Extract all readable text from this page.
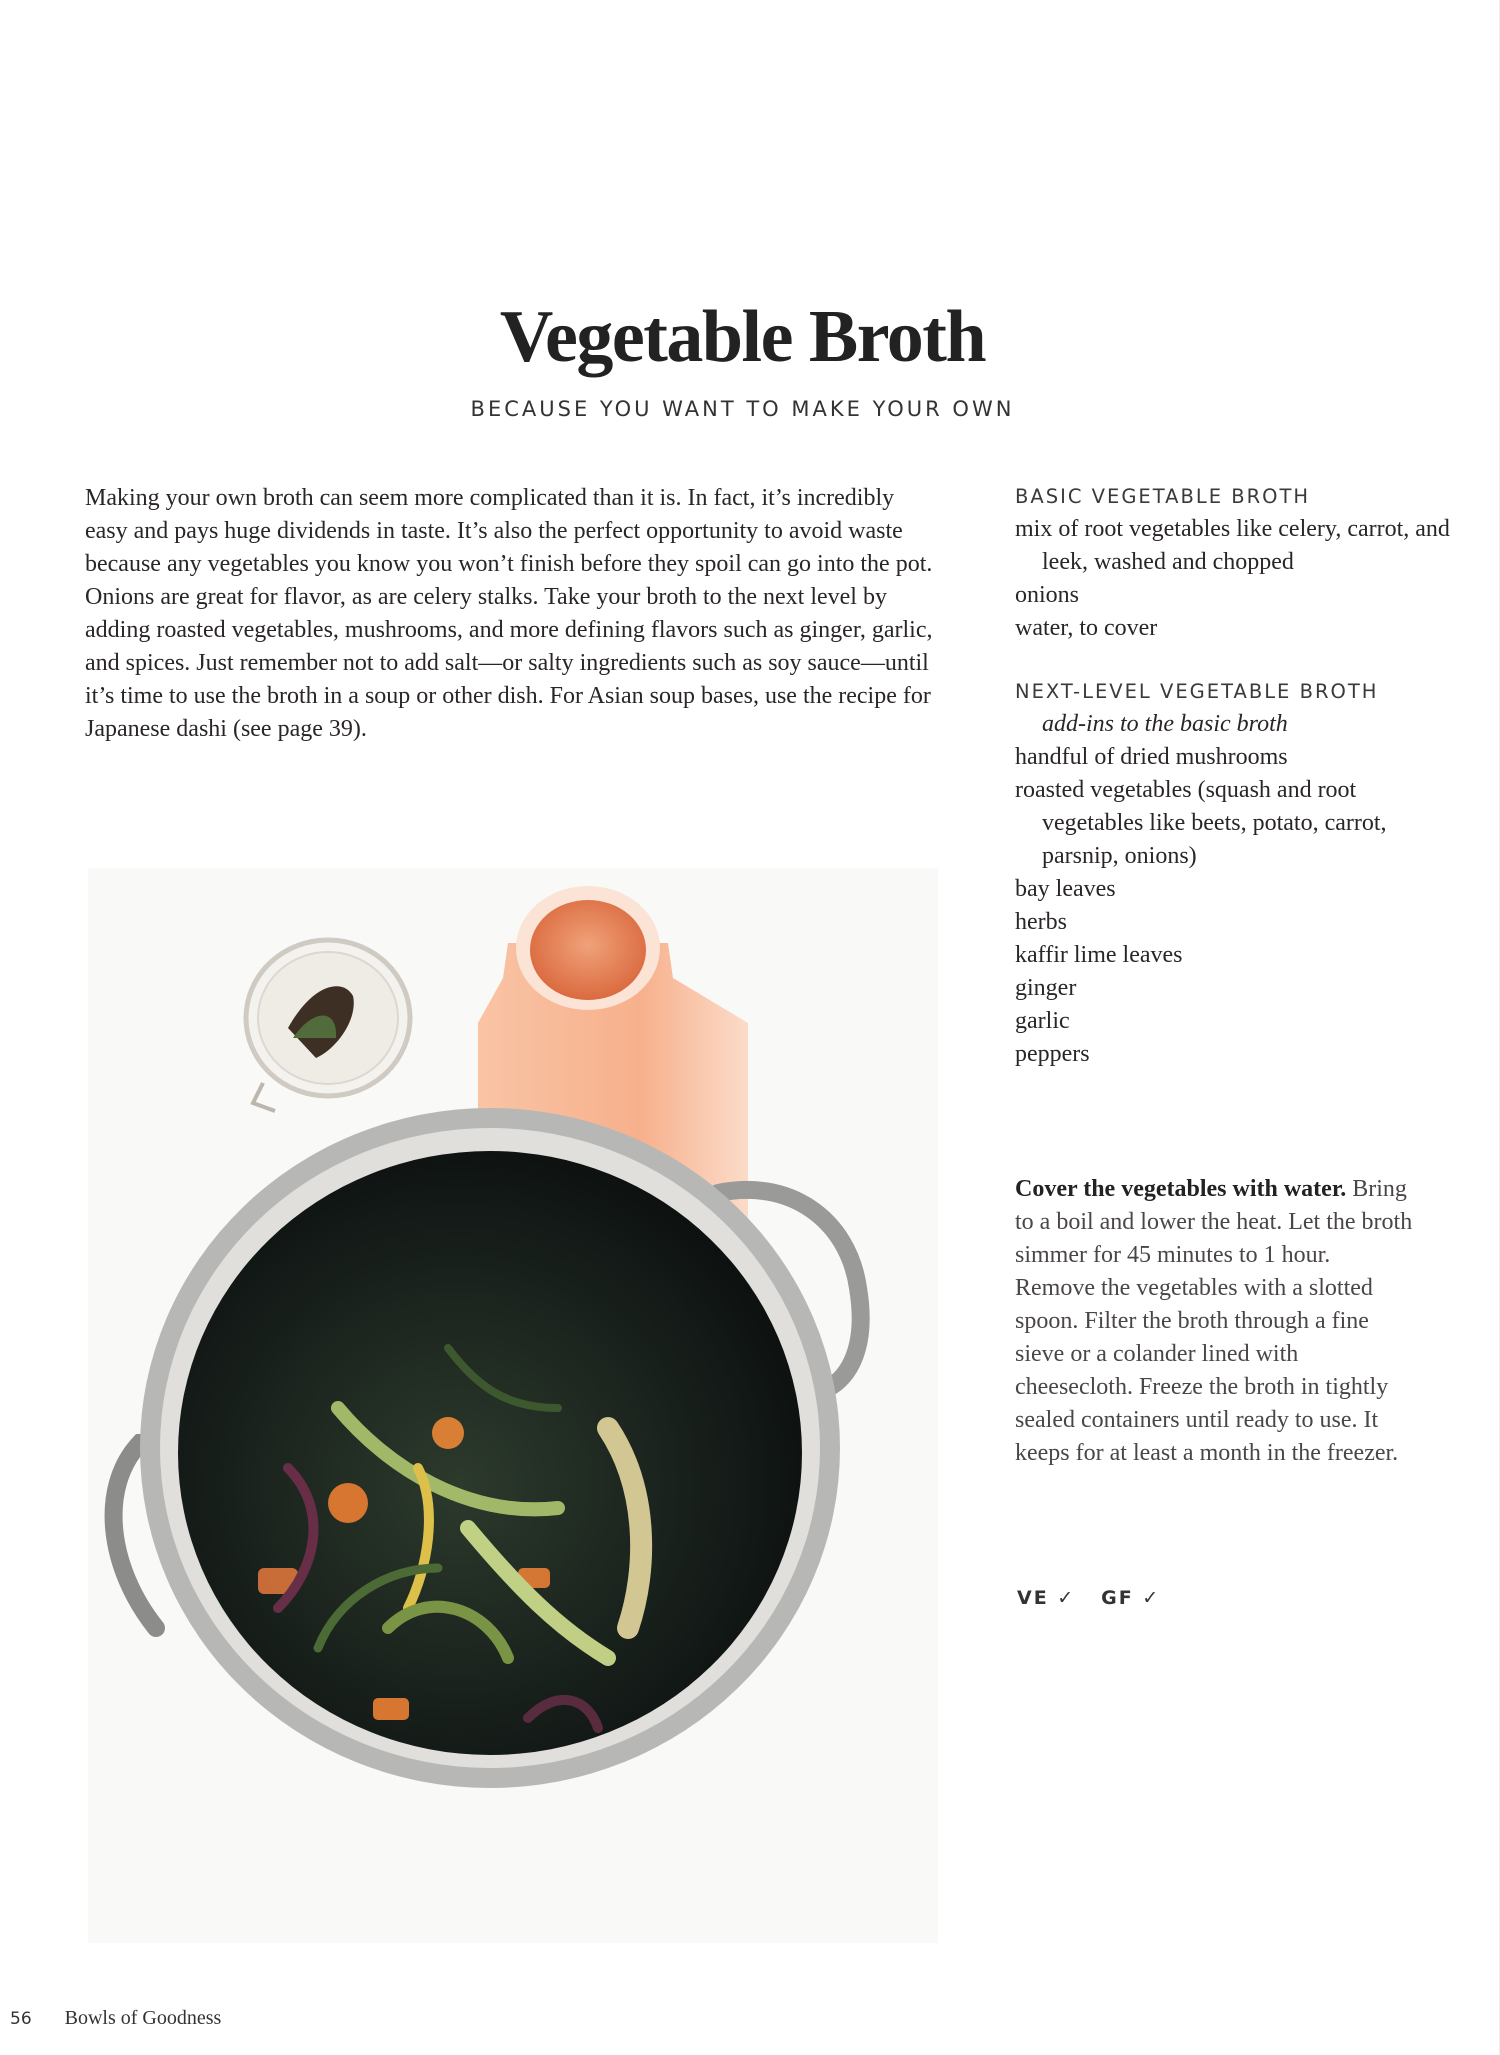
Vegetable Broth
BECAUSE YOU WANT TO MAKE YOUR OWN

Making your own broth can seem more complicated than it is. In fact, it’s incredibly easy and pays huge dividends in taste. It’s also the perfect opportunity to avoid waste because any vegetables you know you won’t finish before they spoil can go into the pot. Onions are great for flavor, as are celery stalks. Take your broth to the next level by adding roasted vegetables, mushrooms, and more defining flavors such as ginger, garlic, and spices. Just remember not to add salt—or salty ingredients such as soy sauce—until it’s time to use the broth in a soup or other dish. For Asian soup bases, use the recipe for Japanese dashi (see page 39).

BASIC VEGETABLE BROTH
mix of root vegetables like celery, carrot, and leek, washed and chopped
onions
water, to cover
NEXT-LEVEL VEGETABLE BROTH
add-ins to the basic broth
handful of dried mushrooms
roasted vegetables (squash and root vegetables like beets, potato, carrot, parsnip, onions)
bay leaves
herbs
kaffir lime leaves
ginger
garlic
peppers
Cover the vegetables with water. Bring to a boil and lower the heat. Let the broth simmer for 45 minutes to 1 hour. Remove the vegetables with a slotted spoon. Filter the broth through a fine sieve or a colander lined with cheesecloth. Freeze the broth in tightly sealed containers until ready to use. It keeps for at least a month in the freezer.
VE ✓ GF ✓
56 Bowls of Goodness
